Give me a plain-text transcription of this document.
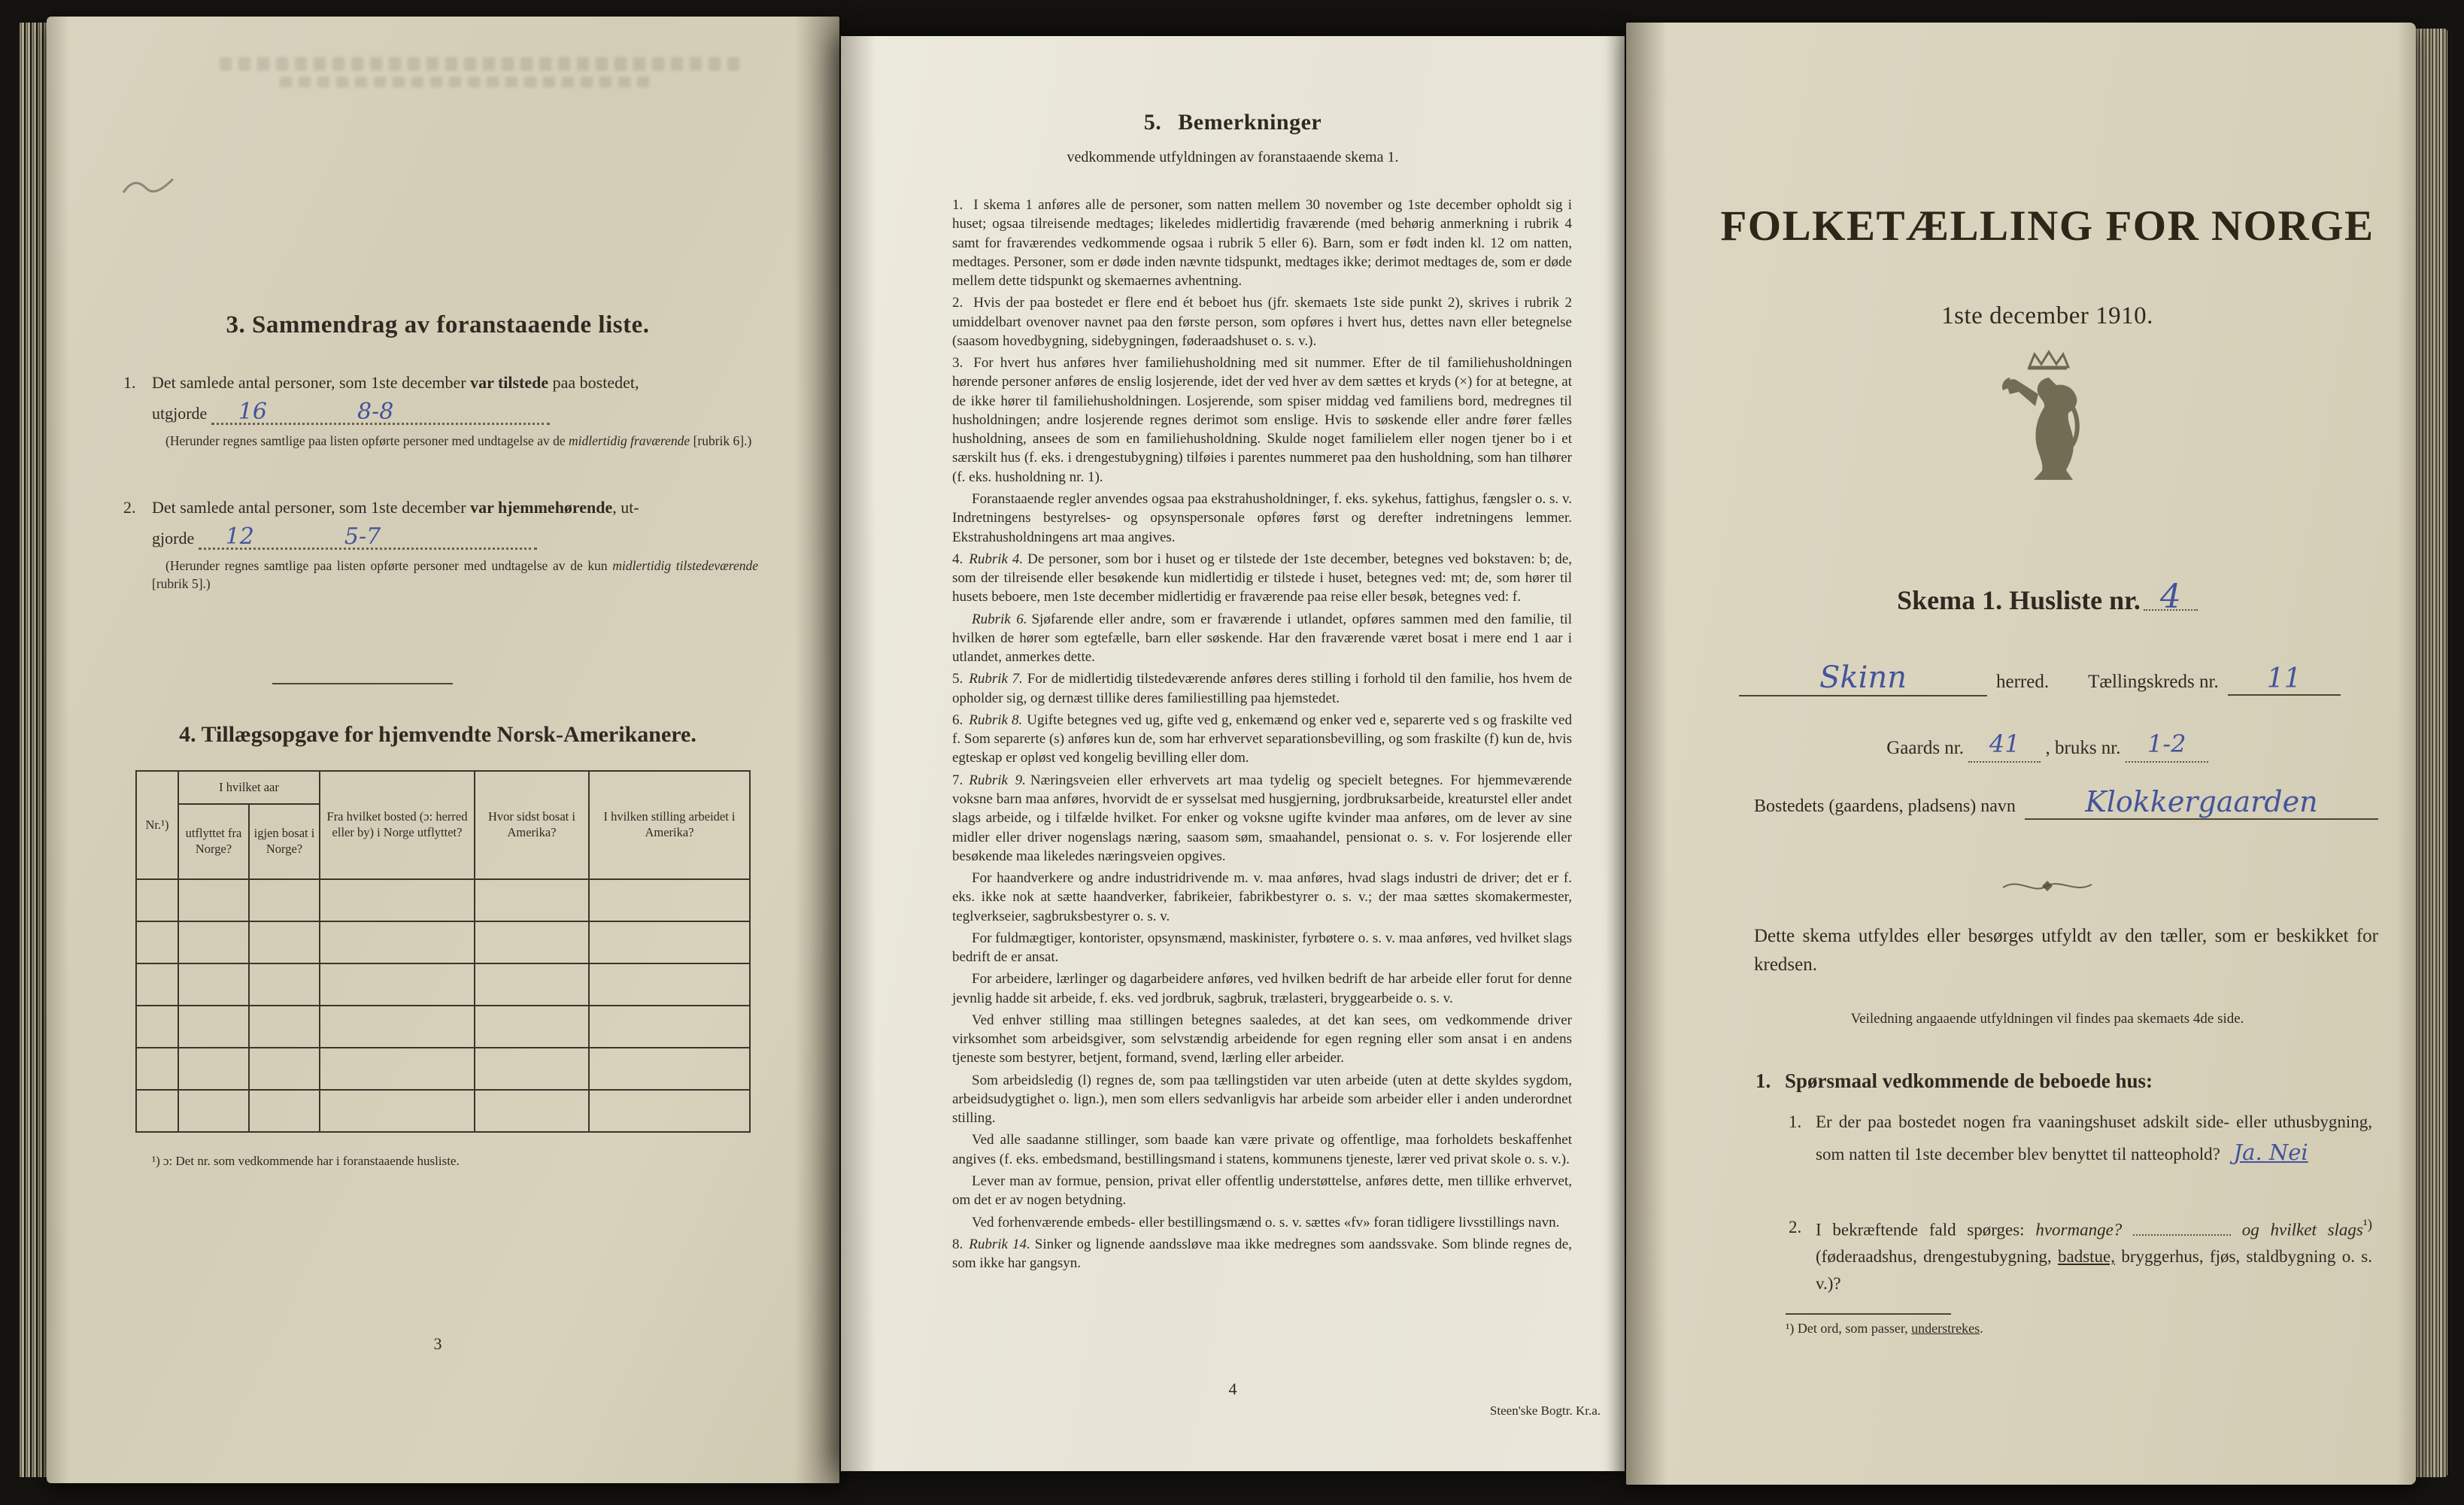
3. Sammendrag av foranstaaende liste.
1. Det samlede antal personer, som 1ste december var tilstede paa bostedet,
utgjorde 16	8-8
(Herunder regnes samtlige paa listen opførte personer med undtagelse av de midlertidig fraværende [rubrik 6].)
2. Det samlede antal personer, som 1ste december var hjemmehørende, ut-
gjorde 12	5-7
(Herunder regnes samtlige paa listen opførte personer med undtagelse av de kun midlertidig tilstedeværende [rubrik 5].)
4. Tillægsopgave for hjemvendte Norsk-Amerikanere.
Nr.¹)	I hvilket aar		Fra hvilket bosted (ɔ: herred eller by) i Norge utflyttet?	Hvor sidst bosat i Amerika?	I hvilken stilling arbeidet i Amerika?
	utflyttet fra Norge?	igjen bosat i Norge?			

¹) ɔ: Det nr. som vedkommende har i foranstaaende husliste.
3
5. Bemerkninger
vedkommende utfyldningen av foranstaaende skema 1.

1. I skema 1 anføres alle de personer, som natten mellem 30 november og 1ste december opholdt sig i huset; ogsaa tilreisende medtages; likeledes midlertidig fraværende (med behørig anmerkning i rubrik 4 samt for fraværendes vedkommende ogsaa i rubrik 5 eller 6). Barn, som er født inden kl. 12 om natten, medtages. Personer, som er døde inden nævnte tidspunkt, medtages ikke; derimot medtages de, som er døde mellem dette tidspunkt og skemaernes avhentning.

2. Hvis der paa bostedet er flere end ét beboet hus (jfr. skemaets 1ste side punkt 2), skrives i rubrik 2 umiddelbart ovenover navnet paa den første person, som opføres i hvert hus, dettes navn eller betegnelse (saasom hovedbygning, sidebygningen, føderaadshuset o. s. v.).

3. For hvert hus anføres hver familiehusholdning med sit nummer. Efter de til familiehusholdningen hørende personer anføres de enslig losjerende, idet der ved hver av dem sættes et kryds (×) for at betegne, at de ikke hører til familiehusholdningen. Losjerende, som spiser middag ved familiens bord, medregnes til husholdningen; andre losjerende regnes derimot som enslige. Hvis to søskende eller andre fører fælles husholdning, ansees de som en familiehusholdning. Skulde noget familielem eller nogen tjener bo i et særskilt hus (f. eks. i drengestubygning) tilføies i parentes nummeret paa den husholdning, som han tilhører (f. eks. husholdning nr. 1).

Foranstaaende regler anvendes ogsaa paa ekstrahusholdninger, f. eks. sykehus, fattighus, fængsler o. s. v. Indretningens bestyrelses- og opsynspersonale opføres først og derefter indretningens lemmer. Ekstrahusholdningens art maa angives.

4. Rubrik 4. De personer, som bor i huset og er tilstede der 1ste december, betegnes ved bokstaven: b; de, som der tilreisende eller besøkende kun midlertidig er tilstede i huset, betegnes ved: mt; de, som hører til husets beboere, men 1ste december midlertidig er fraværende paa reise eller besøk, betegnes ved: f.

Rubrik 6. Sjøfarende eller andre, som er fraværende i utlandet, opføres sammen med den familie, til hvilken de hører som egtefælle, barn eller søskende. Har den fraværende været bosat i mere end 1 aar i utlandet, anmerkes dette.

5. Rubrik 7. For de midlertidig tilstedeværende anføres deres stilling i forhold til den familie, hos hvem de opholder sig, og dernæst tillike deres familiestilling paa hjemstedet.

6. Rubrik 8. Ugifte betegnes ved ug, gifte ved g, enkemænd og enker ved e, separerte ved s og fraskilte ved f. Som separerte (s) anføres kun de, som har erhvervet separationsbevilling, og som fraskilte (f) kun de, hvis egteskap er opløst ved kongelig bevilling eller dom.

7. Rubrik 9. Næringsveien eller erhvervets art maa tydelig og specielt betegnes. For hjemmeværende voksne barn maa anføres, hvorvidt de er sysselsat med husgjerning, jordbruksarbeide, kreaturstel eller andet slags arbeide, og i tilfælde hvilket. For enker og voksne ugifte kvinder maa anføres, om de lever av sine midler eller driver nogenslags næring, saasom søm, smaahandel, pensionat o. s. v. For losjerende eller besøkende maa likeledes næringsveien opgives.

For haandverkere og andre industridrivende m. v. maa anføres, hvad slags industri de driver; det er f. eks. ikke nok at sætte haandverker, fabrikeier, fabrikbestyrer o. s. v.; der maa sættes skomakermester, teglverkseier, sagbruksbestyrer o. s. v.

For fuldmægtiger, kontorister, opsynsmænd, maskinister, fyrbøtere o. s. v. maa anføres, ved hvilket slags bedrift de er ansat.

For arbeidere, lærlinger og dagarbeidere anføres, ved hvilken bedrift de har arbeide eller forut for denne jevnlig hadde sit arbeide, f. eks. ved jordbruk, sagbruk, trælasteri, bryggearbeide o. s. v.

Ved enhver stilling maa stillingen betegnes saaledes, at det kan sees, om vedkommende driver virksomhet som arbeidsgiver, som selvstændig arbeidende for egen regning eller som ansat i en andens tjeneste som bestyrer, betjent, formand, svend, lærling eller arbeider.

Som arbeidsledig (l) regnes de, som paa tællingstiden var uten arbeide (uten at dette skyldes sygdom, arbeidsudygtighet o. lign.), men som ellers sedvanligvis har arbeide som arbeider eller i anden underordnet stilling.

Ved alle saadanne stillinger, som baade kan være private og offentlige, maa forholdets beskaffenhet angives (f. eks. embedsmand, bestillingsmand i statens, kommunens tjeneste, lærer ved privat skole o. s. v.).

Lever man av formue, pension, privat eller offentlig understøttelse, anføres dette, men tillike erhvervet, om det er av nogen betydning.

Ved forhenværende embeds- eller bestillingsmænd o. s. v. sættes «fv» foran tidligere livsstillings navn.

8. Rubrik 14. Sinker og lignende aandssløve maa ikke medregnes som aandssvake. Som blinde regnes de, som ikke har gangsyn.

4
Steen'ske Bogtr. Kr.a.
FOLKETÆLLING FOR NORGE
1ste december 1910.
Skema 1. Husliste nr. 4
Skinn	herred. Tællingskreds nr.	11
Gaards nr. 41 , bruks nr. 1-2
Bostedets (gaardens, pladsens) navn	Klokkergaarden
Dette skema utfyldes eller besørges utfyldt av den tæller, som er beskikket for kredsen.
Veiledning angaaende utfyldningen vil findes paa skemaets 4de side.
1. Spørsmaal vedkommende de beboede hus:
1. Er der paa bostedet nogen fra vaaningshuset adskilt side- eller uthusbygning, som natten til 1ste december blev benyttet til natteophold? Ja. Nei
2. I bekræftende fald spørges: hvormange?	og hvilket slags$^{^1)}$ (føderaadshus, drengestubygning, badstue, bryggerhus, fjøs, staldbygning o. s. v.)?
¹) Det ord, som passer, understrekes.
